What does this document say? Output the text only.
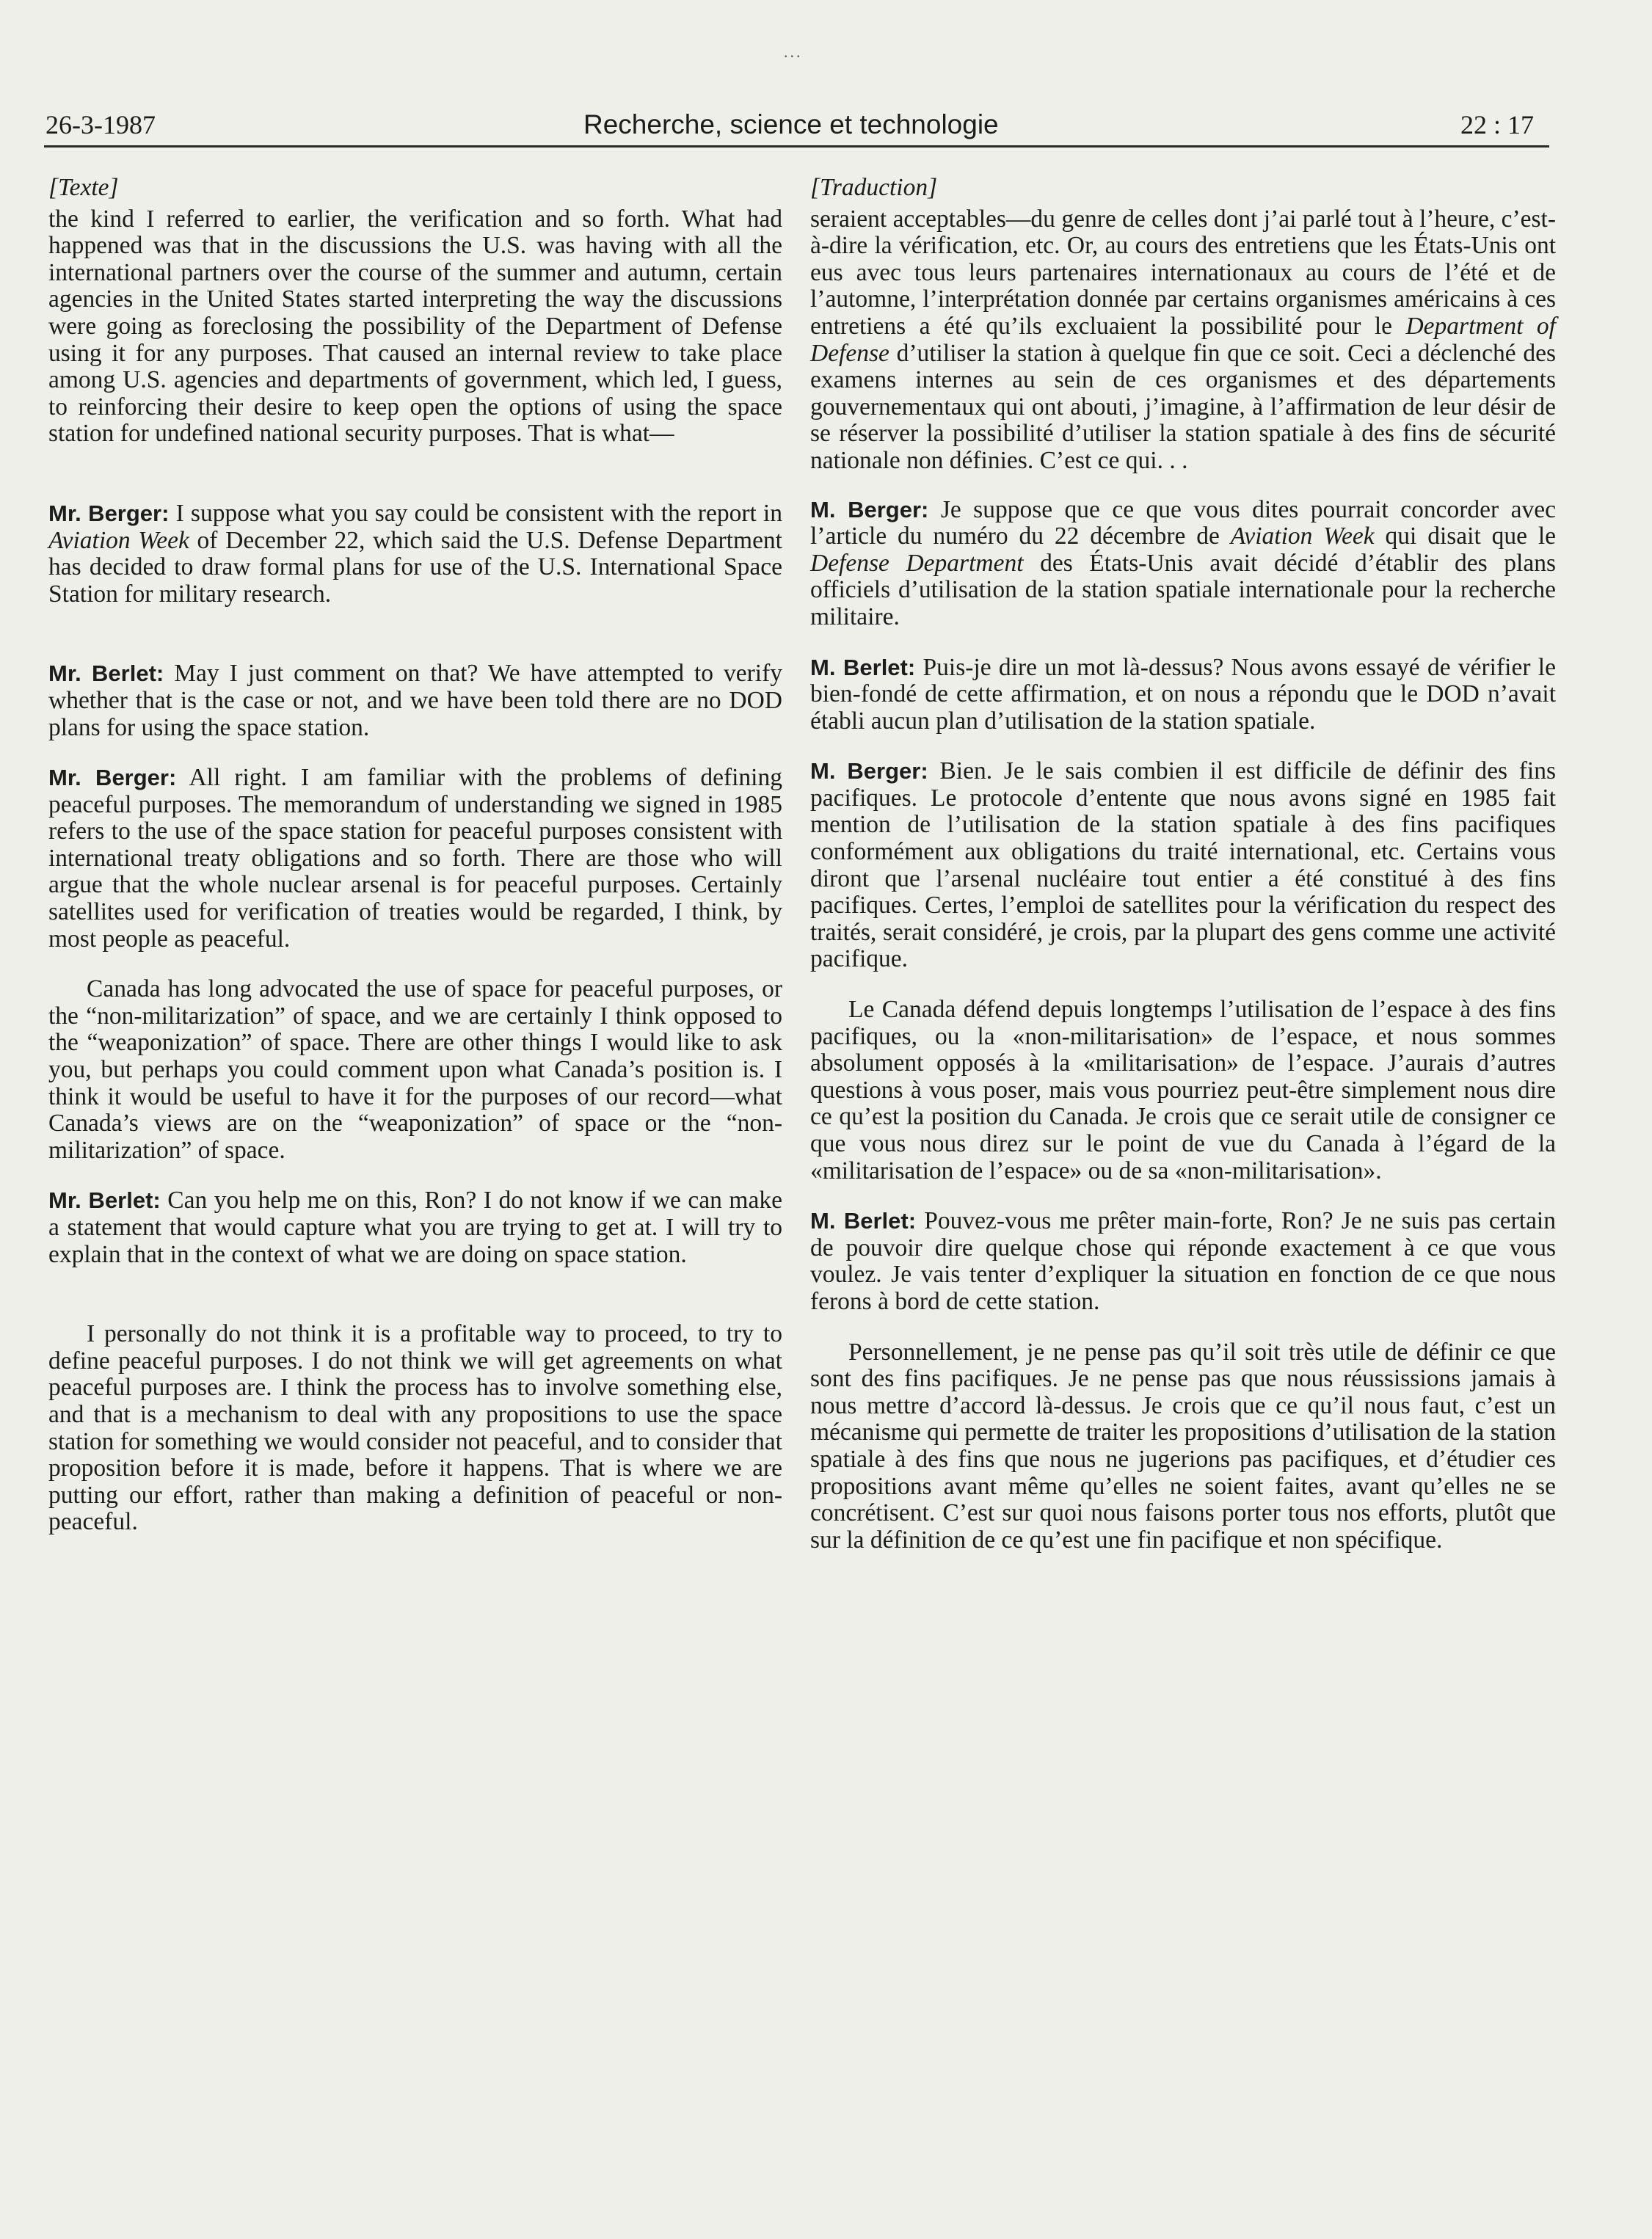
...
26-3-1987	Recherche, science et technologie	22 : 17
[Texte]

the kind I referred to earlier, the verification and so forth. What had happened was that in the discussions the U.S. was having with all the international partners over the course of the summer and autumn, certain agencies in the United States started interpreting the way the discussions were going as foreclosing the possibility of the Department of Defense using it for any purposes. That caused an internal review to take place among U.S. agencies and departments of government, which led, I guess, to reinforcing their desire to keep open the options of using the space station for undefined national security purposes. That is what—

Mr. Berger: I suppose what you say could be consistent with the report in Aviation Week of December 22, which said the U.S. Defense Department has decided to draw formal plans for use of the U.S. International Space Station for military research.

Mr. Berlet: May I just comment on that? We have attempted to verify whether that is the case or not, and we have been told there are no DOD plans for using the space station.

Mr. Berger: All right. I am familiar with the problems of defining peaceful purposes. The memorandum of understanding we signed in 1985 refers to the use of the space station for peaceful purposes consistent with international treaty obligations and so forth. There are those who will argue that the whole nuclear arsenal is for peaceful purposes. Certainly satellites used for verification of treaties would be regarded, I think, by most people as peaceful.

Canada has long advocated the use of space for peaceful purposes, or the “non-militarization” of space, and we are certainly I think opposed to the “weaponization” of space. There are other things I would like to ask you, but perhaps you could comment upon what Canada’s position is. I think it would be useful to have it for the purposes of our record—what Canada’s views are on the “weaponization” of space or the “non-militarization” of space.

Mr. Berlet: Can you help me on this, Ron? I do not know if we can make a statement that would capture what you are trying to get at. I will try to explain that in the context of what we are doing on space station.

I personally do not think it is a profitable way to proceed, to try to define peaceful purposes. I do not think we will get agreements on what peaceful purposes are. I think the process has to involve something else, and that is a mechanism to deal with any propositions to use the space station for something we would consider not peaceful, and to consider that proposition before it is made, before it happens. That is where we are putting our effort, rather than making a definition of peaceful or non-peaceful.

[Traduction]

seraient acceptables—du genre de celles dont j’ai parlé tout à l’heure, c’est-à-dire la vérification, etc. Or, au cours des entretiens que les États-Unis ont eus avec tous leurs partenaires internationaux au cours de l’été et de l’automne, l’interprétation donnée par certains organismes américains à ces entretiens a été qu’ils excluaient la possibilité pour le Department of Defense d’utiliser la station à quelque fin que ce soit. Ceci a déclenché des examens internes au sein de ces organismes et des départements gouvernementaux qui ont abouti, j’imagine, à l’affirmation de leur désir de se réserver la possibilité d’utiliser la station spatiale à des fins de sécurité nationale non définies. C’est ce qui. . .

M. Berger: Je suppose que ce que vous dites pourrait concorder avec l’article du numéro du 22 décembre de Aviation Week qui disait que le Defense Department des États-Unis avait décidé d’établir des plans officiels d’utilisation de la station spatiale internationale pour la recherche militaire.

M. Berlet: Puis-je dire un mot là-dessus? Nous avons essayé de vérifier le bien-fondé de cette affirmation, et on nous a répondu que le DOD n’avait établi aucun plan d’utilisation de la station spatiale.

M. Berger: Bien. Je le sais combien il est difficile de définir des fins pacifiques. Le protocole d’entente que nous avons signé en 1985 fait mention de l’utilisation de la station spatiale à des fins pacifiques conformément aux obligations du traité international, etc. Certains vous diront que l’arsenal nucléaire tout entier a été constitué à des fins pacifiques. Certes, l’emploi de satellites pour la vérification du respect des traités, serait considéré, je crois, par la plupart des gens comme une activité pacifique.

Le Canada défend depuis longtemps l’utilisation de l’espace à des fins pacifiques, ou la «non-militarisation» de l’espace, et nous sommes absolument opposés à la «militarisation» de l’espace. J’aurais d’autres questions à vous poser, mais vous pourriez peut-être simplement nous dire ce qu’est la position du Canada. Je crois que ce serait utile de consigner ce que vous nous direz sur le point de vue du Canada à l’égard de la «militarisation de l’espace» ou de sa «non-militarisation».

M. Berlet: Pouvez-vous me prêter main-forte, Ron? Je ne suis pas certain de pouvoir dire quelque chose qui réponde exactement à ce que vous voulez. Je vais tenter d’expliquer la situation en fonction de ce que nous ferons à bord de cette station.

Personnellement, je ne pense pas qu’il soit très utile de définir ce que sont des fins pacifiques. Je ne pense pas que nous réussissions jamais à nous mettre d’accord là-dessus. Je crois que ce qu’il nous faut, c’est un mécanisme qui permette de traiter les propositions d’utilisation de la station spatiale à des fins que nous ne jugerions pas pacifiques, et d’étudier ces propositions avant même qu’elles ne soient faites, avant qu’elles ne se concrétisent. C’est sur quoi nous faisons porter tous nos efforts, plutôt que sur la définition de ce qu’est une fin pacifique et non spécifique.
